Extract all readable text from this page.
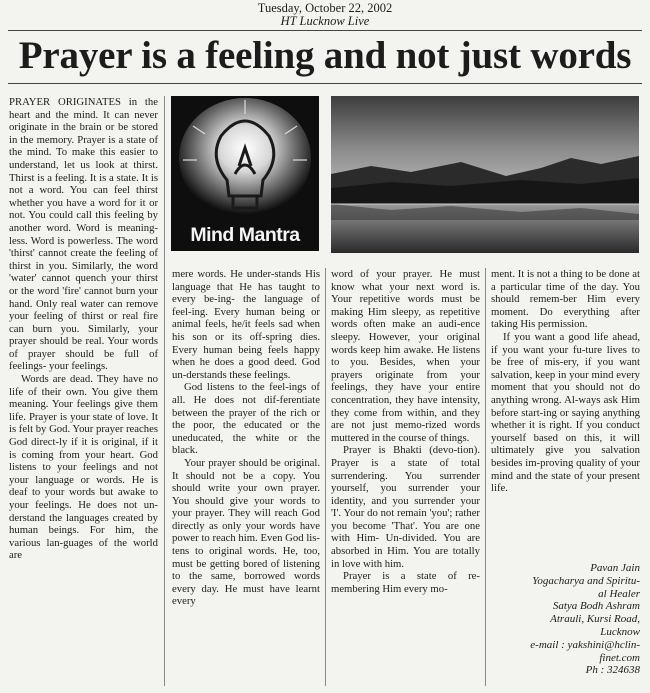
Tuesday, October 22, 2002
HT Lucknow Live
Prayer is a feeling and not just words

PRAYER ORIGINATES in the heart and the mind. It can never originate in the brain or be stored in the memory. Prayer is a state of the mind. To make this easier to understand, let us look at thirst. Thirst is a feeling. It is a state. It is not a word. You can feel thirst whether you have a word for it or not. You could call this feeling by another word. Word is meaning-less. Word is powerless. The word 'thirst' cannot create the feeling of thirst in you. Similarly, the word 'water' cannot quench your thirst or the word 'fire' cannot burn your hand. Only real water can remove your feeling of thirst or real fire can burn you. Similarly, your prayer should be real. Your words of prayer should be full of feelings- your feelings.

Words are dead. They have no life of their own. You give them meaning. Your feelings give them life. Prayer is your state of love. It is felt by God. Your prayer reaches God direct-ly if it is original, if it is coming from your heart. God listens to your feelings and not your language or words. He is deaf to your words but awake to your feelings. He does not un-derstand the languages created by human beings. For him, the various lan-guages of the world are

Mind Mantra

mere words. He under-stands His language that He has taught to every be-ing- the language of feel-ing. Every human being or animal feels, he/it feels sad when his son or its off-spring dies. Every human being feels happy when he does a good deed. God un-derstands these feelings.

God listens to the feel-ings of all. He does not dif-ferentiate between the prayer of the rich or the poor, the educated or the uneducated, the white or the black.

Your prayer should be original. It should not be a copy. You should write your own prayer. You should give your words to your prayer. They will reach God directly as only your words have power to reach him. Even God lis-tens to original words. He, too, must be getting bored of listening to the same, borrowed words every day. He must have learnt every

word of your prayer. He must know what your next word is. Your repetitive words must be making Him sleepy, as repetitive words often make an audi-ence sleepy. However, your original words keep him awake. He listens to you. Besides, when your prayers originate from your feelings, they have your entire concentration, they have intensity, they come from within, and they are not just memo-rized words muttered in the course of things.

Prayer is Bhakti (devo-tion). Prayer is a state of total surrendering. You surrender yourself, you surrender your identity, and you surrender your 'I'. Your do not remain 'you'; rather you become 'That'. You are one with Him- Un-divided. You are absorbed in Him. You are totally in love with him.

Prayer is a state of re-membering Him every mo-

ment. It is not a thing to be done at a particular time of the day. You should remem-ber Him every moment. Do everything after taking His permission.

If you want a good life ahead, if you want your fu-ture lives to be free of mis-ery, if you want salvation, keep in your mind every moment that you should not do anything wrong. Al-ways ask Him before start-ing or saying anything whether it is right. If you conduct yourself based on this, it will ultimately give you salvation besides im-proving quality of your mind and the state of your present life.

Pavan Jain
Yogacharya and Spiritu-
al Healer
Satya Bodh Ashram
Atrauli, Kursi Road,
Lucknow
e-mail : yakshini@hclin-
finet.com
Ph : 324638
